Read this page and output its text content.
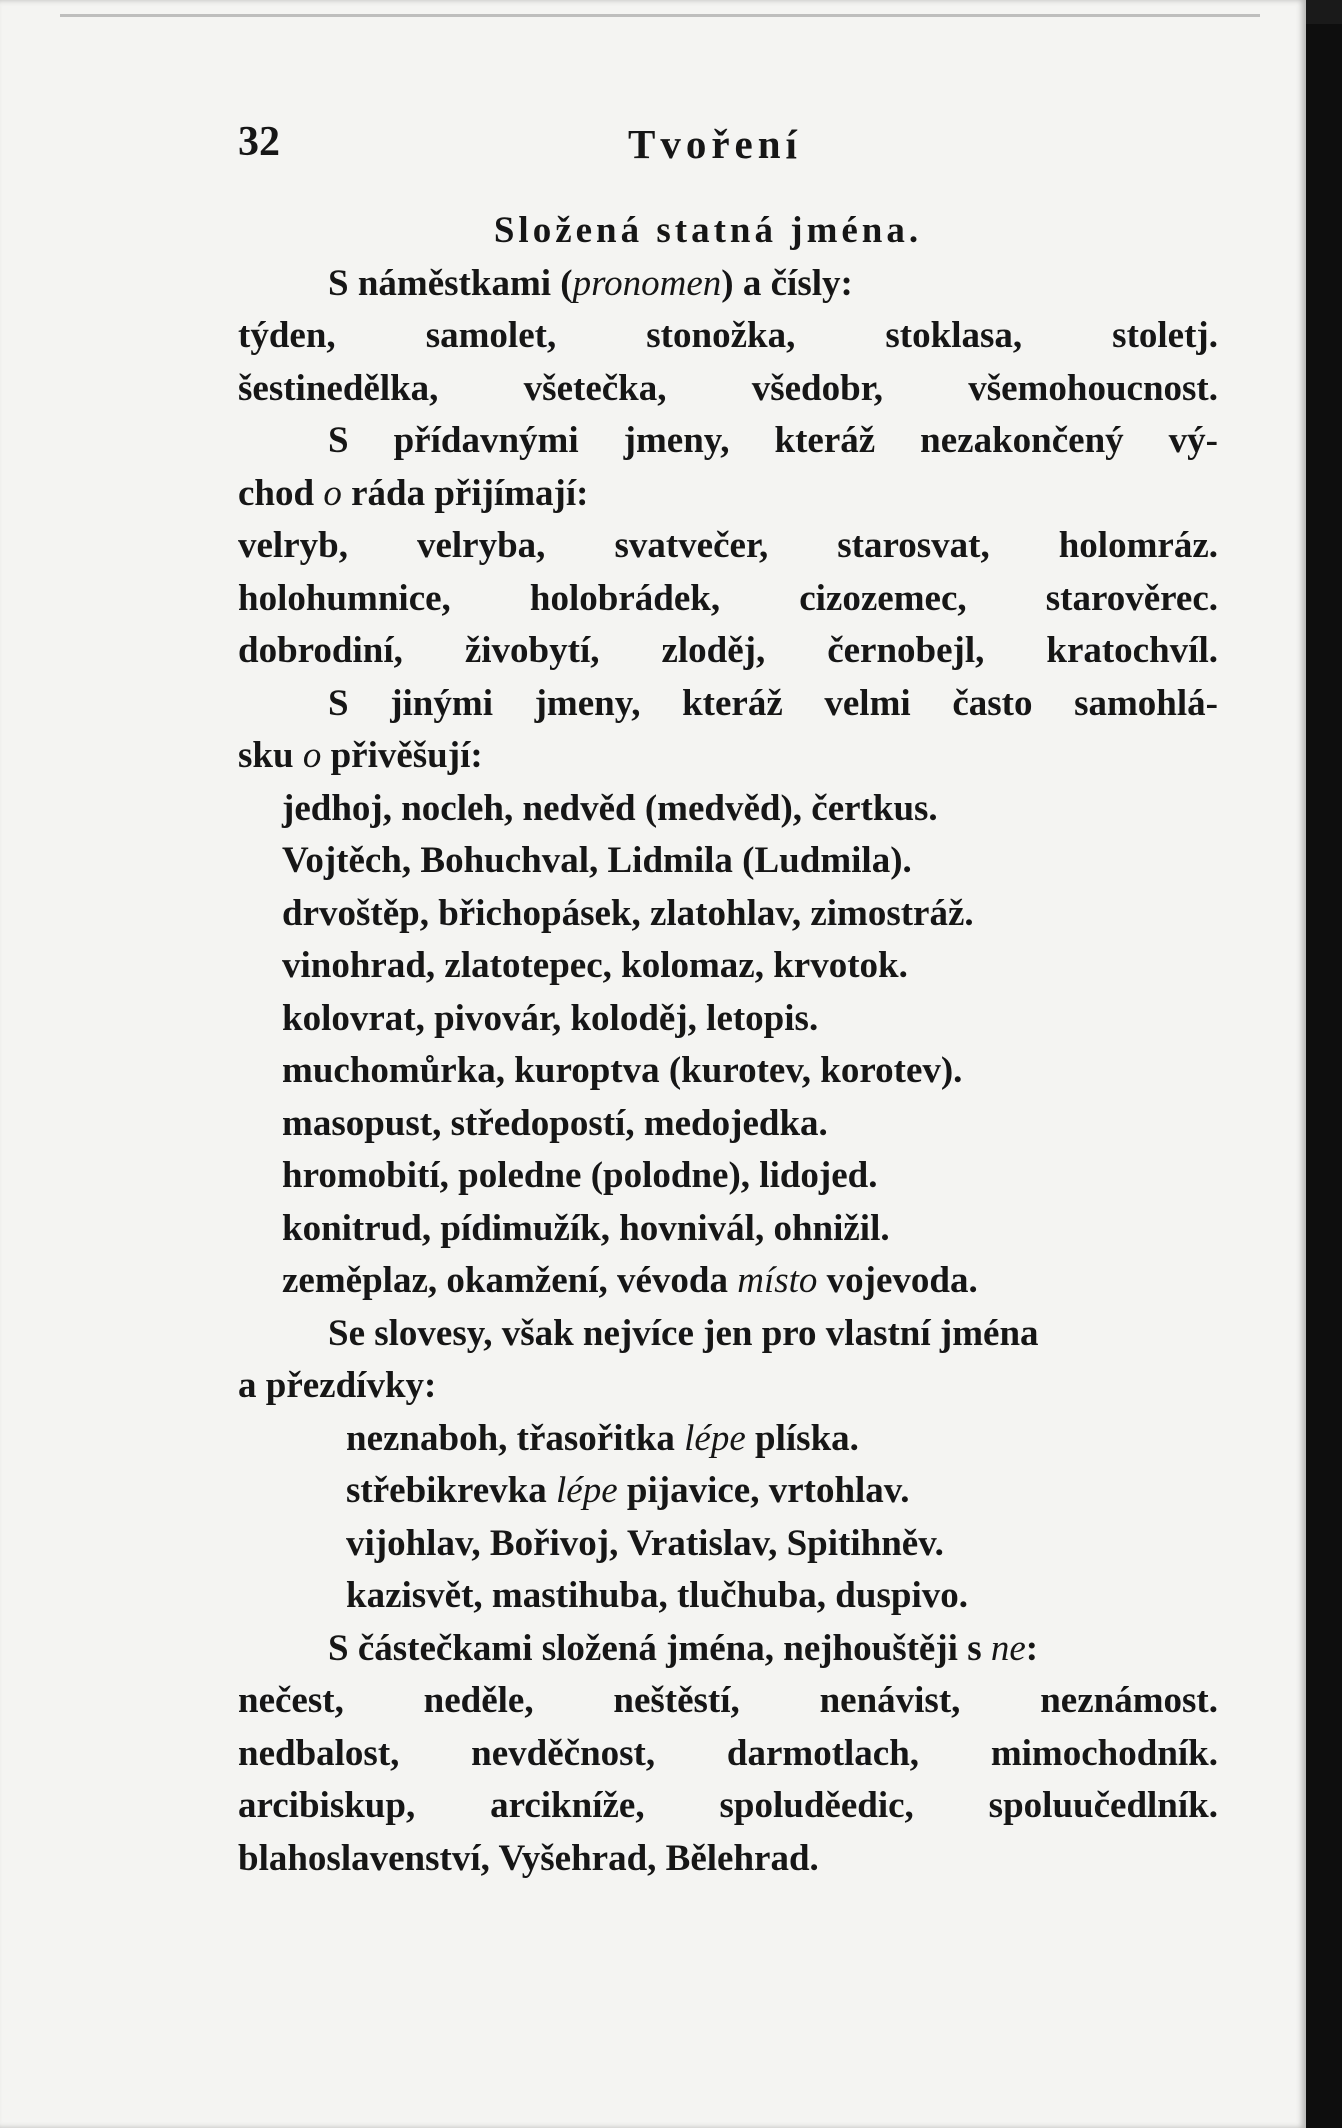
32	Tvoření
Složená statná jména.
S náměstkami (pronomen) a čísly:
týden, samolet, stonožka, stoklasa, stoletj.
šestinedělka, všetečka, všedobr, všemohoucnost.
S přídavnými jmeny, kteráž nezakončený vý-
chod o ráda přijímají:
velryb, velryba, svatvečer, starosvat, holomráz.
holohumnice, holobrádek, cizozemec, starověrec.
dobrodiní, živobytí, zloděj, černobejl, kratochvíl.
S jinými jmeny, kteráž velmi často samohlá-
sku o přivěšují:
jedhoj, nocleh, nedvěd (medvěd), čertkus.
Vojtěch, Bohuchval, Lidmila (Ludmila).
drvoštěp, břichopásek, zlatohlav, zimostráž.
vinohrad, zlatotepec, kolomaz, krvotok.
kolovrat, pivovár, koloděj, letopis.
muchomůrka, kuroptva (kurotev, korotev).
masopust, středopostí, medojedka.
hromobití, poledne (polodne), lidojed.
konitrud, pídimužík, hovnivál, ohnižil.
zeměplaz, okamžení, vévoda místo vojevoda.
Se slovesy, však nejvíce jen pro vlastní jména
a přezdívky:
neznaboh, třasořitka lépe plíska.
střebikrevka lépe pijavice, vrtohlav.
vijohlav, Bořivoj, Vratislav, Spitihněv.
kazisvět, mastihuba, tlučhuba, duspivo.
S částečkami složená jména, nejhouštěji s ne:
nečest, neděle, neštěstí, nenávist, neznámost.
nedbalost, nevděčnost, darmotlach, mimochodník.
arcibiskup, arcikníže, spoluděedic, spoluučedlník.
blahoslavenství, Vyšehrad, Bělehrad.
